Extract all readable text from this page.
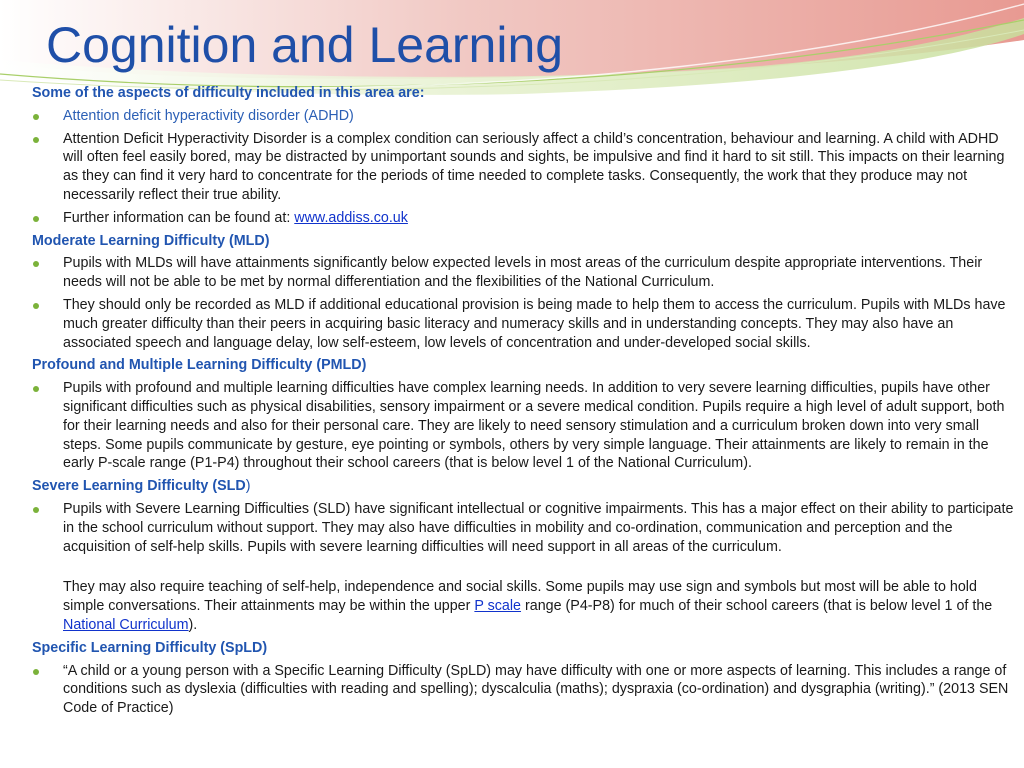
Cognition and Learning
Some of the aspects of difficulty included in this area are:
Attention deficit hyperactivity disorder (ADHD)
Attention Deficit Hyperactivity Disorder is a complex condition can seriously affect a child’s concentration, behaviour and learning. A child with ADHD will often feel easily bored, may be distracted by unimportant sounds and sights, be impulsive and find it hard to sit still. This impacts on their learning as they can find it very hard to concentrate for the periods of time needed to complete tasks. Consequently, the work that they produce may not necessarily reflect their true ability.
Further information can be found at: www.addiss.co.uk
Moderate Learning Difficulty (MLD)
Pupils with MLDs will have attainments significantly below expected levels in most areas of the curriculum despite appropriate interventions. Their needs will not be able to be met by normal differentiation and the flexibilities of the National Curriculum.
They should only be recorded as MLD if additional educational provision is being made to help them to access the curriculum. Pupils with MLDs have much greater difficulty than their peers in acquiring basic literacy and numeracy skills and in understanding concepts. They may also have an associated speech and language delay, low self-esteem, low levels of concentration and under-developed social skills.
Profound and Multiple Learning Difficulty (PMLD)
Pupils with profound and multiple learning difficulties have complex learning needs. In addition to very severe learning difficulties, pupils have other significant difficulties such as physical disabilities, sensory impairment or a severe medical condition. Pupils require a high level of adult support, both for their learning needs and also for their personal care. They are likely to need sensory stimulation and a curriculum broken down into very small steps. Some pupils communicate by gesture, eye pointing or symbols, others by very simple language. Their attainments are likely to remain in the early P-scale range (P1-P4) throughout their school careers (that is below level 1 of the National Curriculum).
Severe Learning Difficulty (SLD)
Pupils with Severe Learning Difficulties (SLD) have significant intellectual or cognitive impairments. This has a major effect on their ability to participate in the school curriculum without support. They may also have difficulties in mobility and co-ordination, communication and perception and the acquisition of self-help skills. Pupils with severe learning difficulties will need support in all areas of the curriculum.
They may also require teaching of self-help, independence and social skills. Some pupils may use sign and symbols but most will be able to hold simple conversations. Their attainments may be within the upper P scale range (P4-P8) for much of their school careers (that is below level 1 of the National Curriculum).
Specific Learning Difficulty (SpLD)
“A child or a young person with a Specific Learning Difficulty (SpLD) may have difficulty with one or more aspects of learning. This includes a range of conditions such as dyslexia (difficulties with reading and spelling); dyscalculia (maths); dyspraxia (co-ordination) and dysgraphia (writing).” (2013 SEN Code of Practice)
